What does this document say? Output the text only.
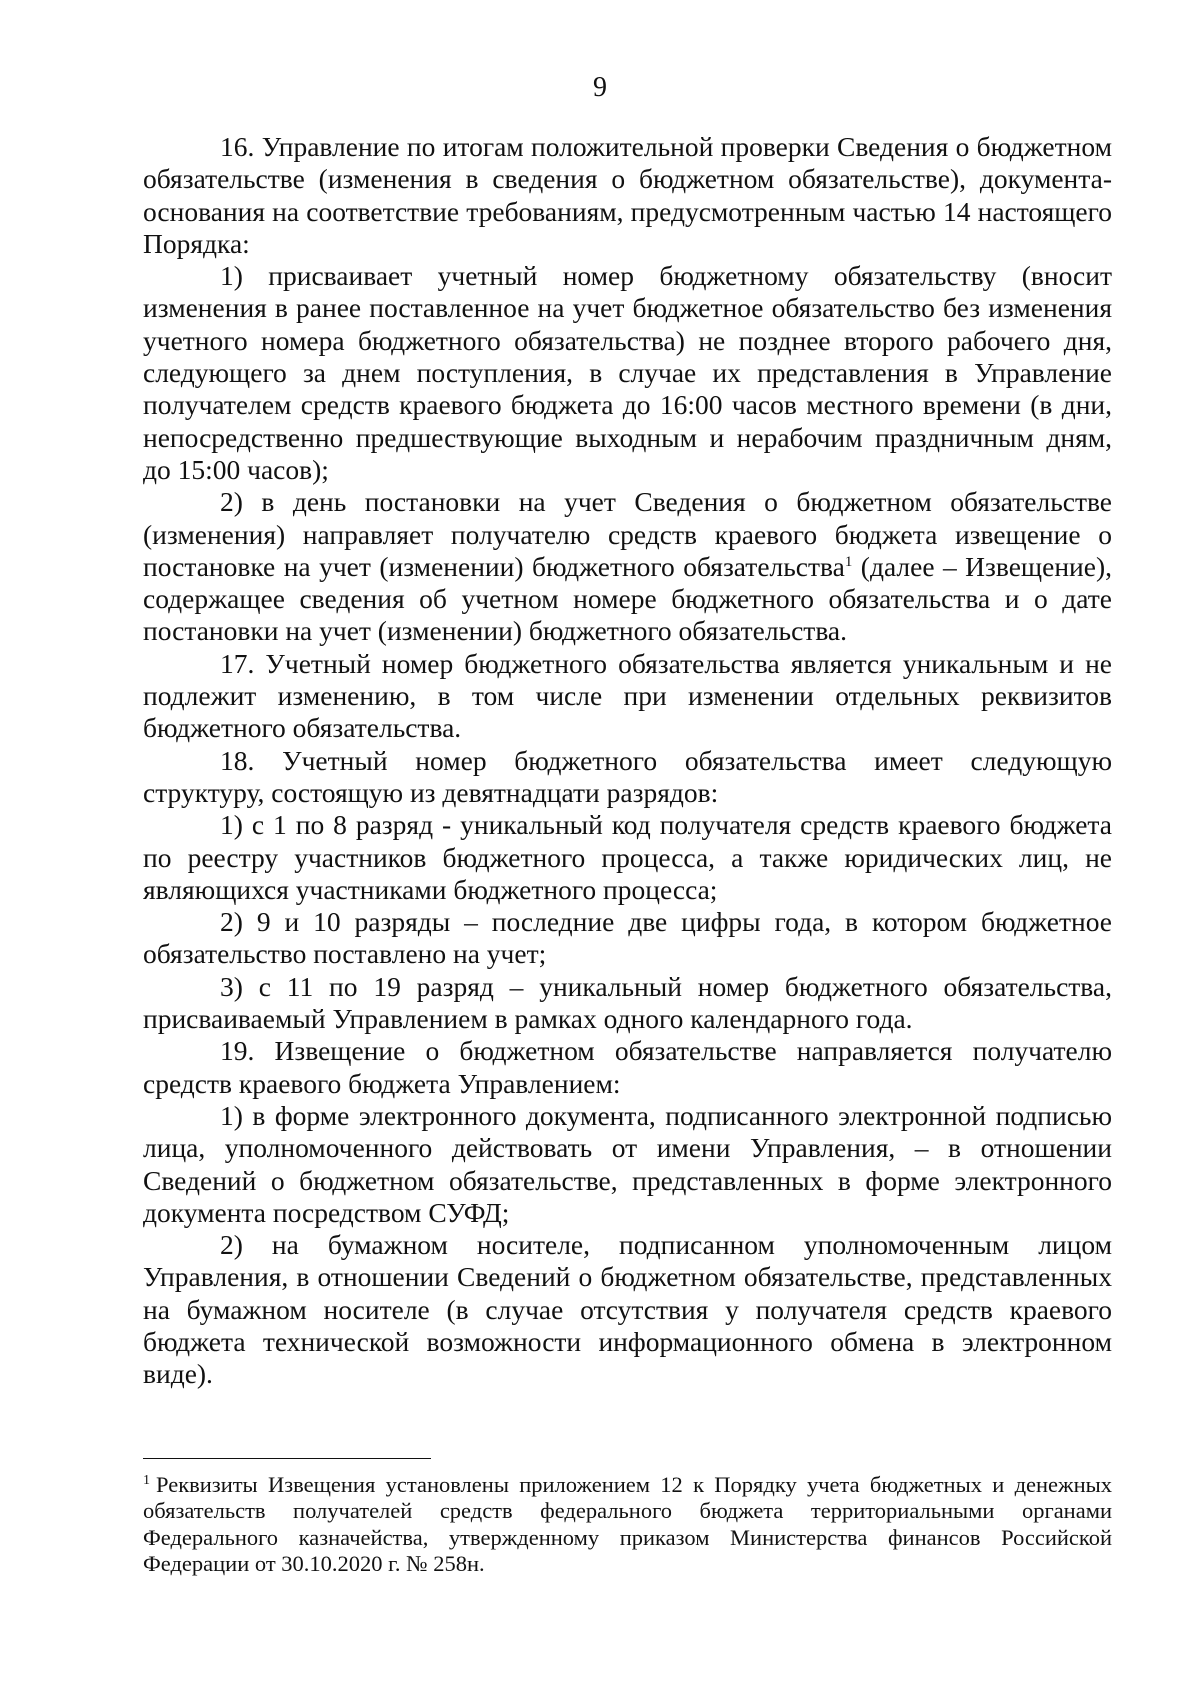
9

16. Управление по итогам положительной проверки Сведения о бюджетном обязательстве (изменения в сведения о бюджетном обязательстве), документа-основания на соответствие требованиям, предусмотренным частью 14 настоящего Порядка:

1) присваивает учетный номер бюджетному обязательству (вносит изменения в ранее поставленное на учет бюджетное обязательство без изменения учетного номера бюджетного обязательства) не позднее второго рабочего дня, следующего за днем поступления, в случае их представления в Управление получателем средств краевого бюджета до 16:00 часов местного времени (в дни, непосредственно предшествующие выходным и нерабочим праздничным дням, до 15:00 часов);

2) в день постановки на учет Сведения о бюджетном обязательстве (изменения) направляет получателю средств краевого бюджета извещение о постановке на учет (изменении) бюджетного обязательства$^1$ (далее – Извещение), содержащее сведения об учетном номере бюджетного обязательства и о дате постановки на учет (изменении) бюджетного обязательства.

17. Учетный номер бюджетного обязательства является уникальным и не подлежит изменению, в том числе при изменении отдельных реквизитов бюджетного обязательства.

18. Учетный номер бюджетного обязательства имеет следующую структуру, состоящую из девятнадцати разрядов:

1) с 1 по 8 разряд - уникальный код получателя средств краевого бюджета по реестру участников бюджетного процесса, а также юридических лиц, не являющихся участниками бюджетного процесса;

2) 9 и 10 разряды – последние две цифры года, в котором бюджетное обязательство поставлено на учет;

3) с 11 по 19 разряд – уникальный номер бюджетного обязательства, присваиваемый Управлением в рамках одного календарного года.

19. Извещение о бюджетном обязательстве направляется получателю средств краевого бюджета Управлением:

1) в форме электронного документа, подписанного электронной подписью лица, уполномоченного действовать от имени Управления, – в отношении Сведений о бюджетном обязательстве, представленных в форме электронного документа посредством СУФД;

2) на бумажном носителе, подписанном уполномоченным лицом Управления, в отношении Сведений о бюджетном обязательстве, представленных на бумажном носителе (в случае отсутствия у получателя средств краевого бюджета технической возможности информационного обмена в электронном виде).

$^1$ Реквизиты Извещения установлены приложением 12 к Порядку учета бюджетных и денежных обязательств получателей средств федерального бюджета территориальными органами Федерального казначейства, утвержденному приказом Министерства финансов Российской Федерации от 30.10.2020 г. № 258н.
